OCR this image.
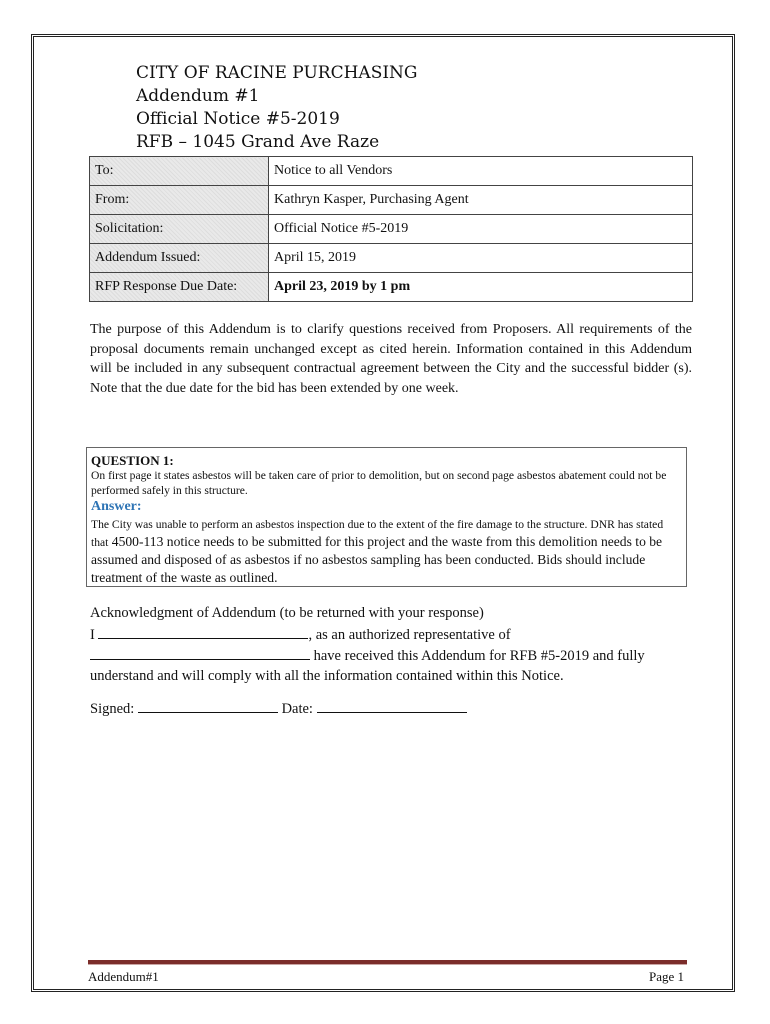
CITY OF RACINE PURCHASING
Addendum #1
Official Notice #5-2019
RFB – 1045 Grand Ave Raze
To:	Notice to all Vendors
From:	Kathryn Kasper, Purchasing Agent
Solicitation:	Official Notice #5-2019
Addendum Issued:	April 15, 2019
RFP Response Due Date:	April 23, 2019 by 1 pm
The purpose of this Addendum is to clarify questions received from Proposers. All requirements of the proposal documents remain unchanged except as cited herein. Information contained in this Addendum will be included in any subsequent contractual agreement between the City and the successful bidder (s). Note that the due date for the bid has been extended by one week.
QUESTION 1:
On first page it states asbestos will be taken care of prior to demolition, but on second page asbestos abatement could not be performed safely in this structure.
Answer:
The City was unable to perform an asbestos inspection due to the extent of the fire damage to the structure. DNR has stated that 4500-113 notice needs to be submitted for this project and the waste from this demolition needs to be assumed and disposed of as asbestos if no asbestos sampling has been conducted. Bids should include treatment of the waste as outlined.
Acknowledgment of Addendum (to be returned with your response)
I	, as an authorized representative of
have received this Addendum for RFB #5-2019 and fully
understand and will comply with all the information contained within this Notice.
Signed:	Date:
Addendum#1	Page 1
